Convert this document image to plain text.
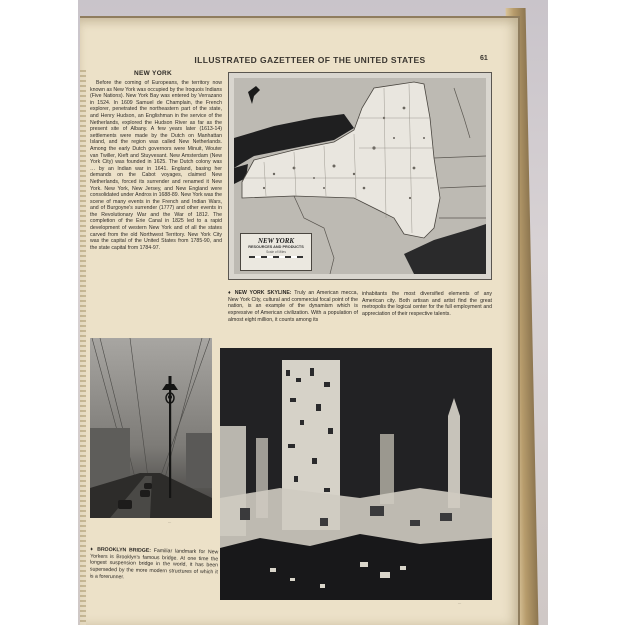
ILLUSTRATED GAZETTEER OF THE UNITED STATES	61
NEW YORK
Before the coming of Europeans, the territory now known as New York was occupied by the Iroquois Indians (Five Nations). New York Bay was entered by Verrazano in 1524. In 1609 Samuel de Champlain, the French explorer, penetrated the northeastern part of the state, and Henry Hudson, an Englishman in the service of the Netherlands, explored the Hudson River as far as the present site of Albany. A few years later (1613-14) settlements were made by the Dutch on Manhattan Island, and the region was called New Netherlands. Among the early Dutch governors were Minuit, Wouter van Twiller, Kieft and Stuyvesant. New Amsterdam (New York City) was founded in 1625. The Dutch colony was … by an Indian war in 1641. England, basing her demands on the Cabot voyages, claimed New Netherlands, forced its surrender and renamed it New York. New York, New Jersey, and New England were consolidated under Andros in 1688-89. New York was the scene of many events in the French and Indian Wars, and of Burgoyne's surrender (1777) and other events in the Revolutionary War and the War of 1812. The completion of the Erie Canal in 1825 led to a rapid development of western New York and of all the states carved from the old Northwest Territory. New York City was the capital of the United States from 1785-90, and the state capital from 1784-97.
NEW YORK
RESOURCES AND PRODUCTS
Scale of Miles
♦ NEW YORK SKYLINE: Truly an American mecca, New York City, cultural and commercial focal point of the nation, is an example of the dynamism which is expressive of American civilization. With a population of almost eight million, it counts among its
inhabitants the most diversified elements of any American city. Both artisan and artist find the great metropolis the logical center for the full employment and appreciation of their respective talents.
…
♦ BROOKLYN BRIDGE: Familiar landmark for New Yorkers is Brooklyn's famous bridge. At one time the longest suspension bridge in the world, it has been superseded by the more modern structures of which it is a forerunner.
…
